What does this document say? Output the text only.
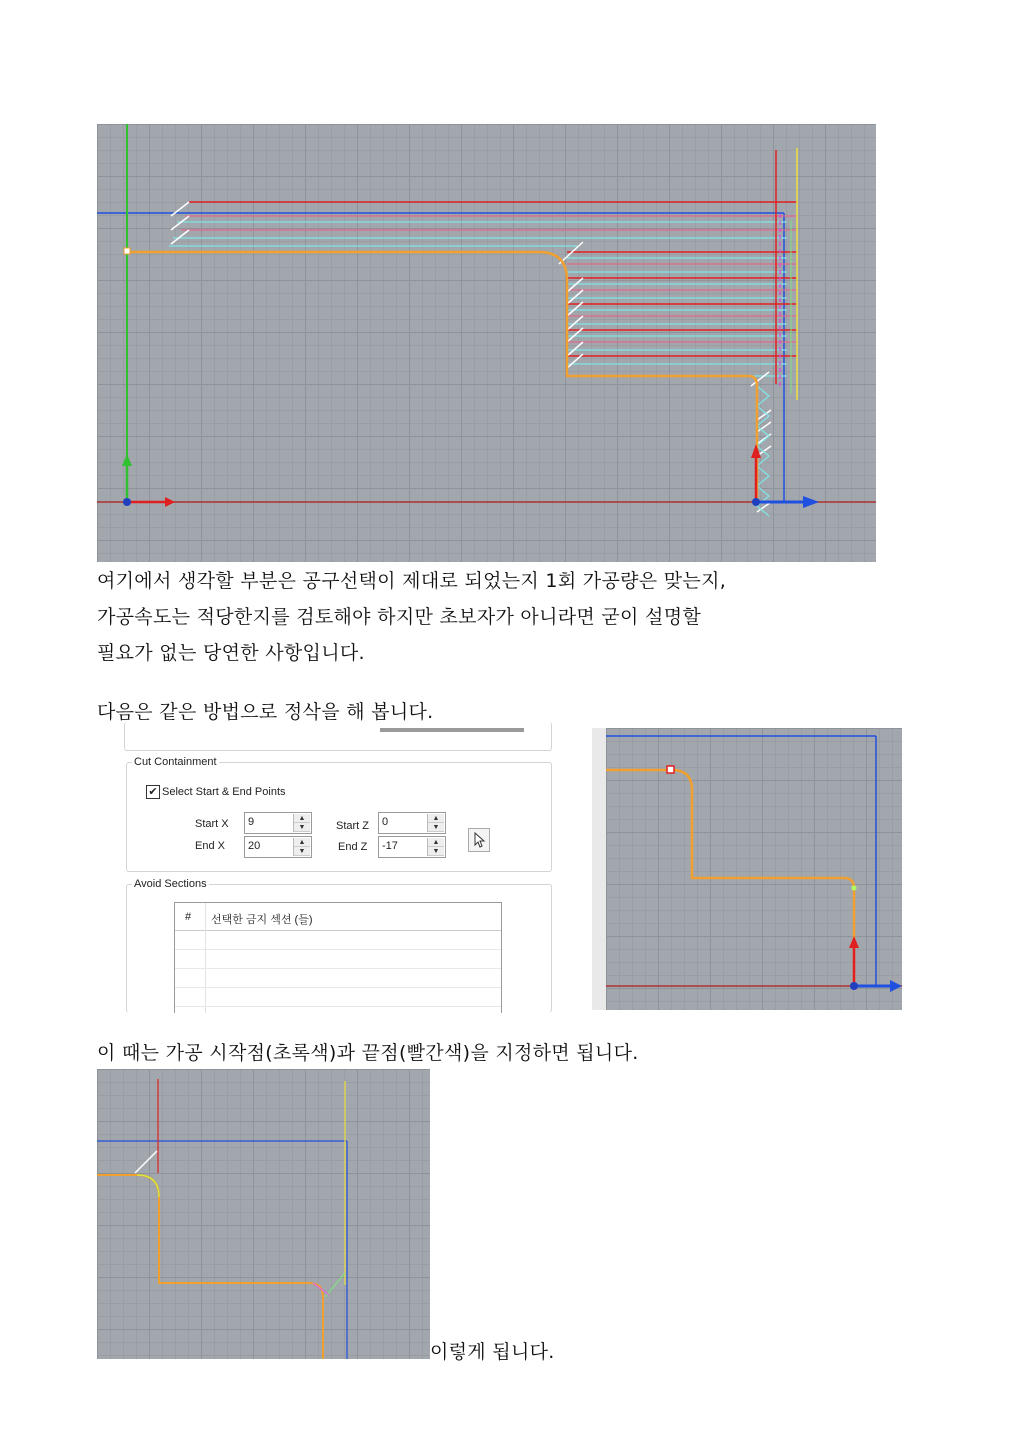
여기에서 생각할 부분은 공구선택이 제대로 되었는지 1회 가공량은 맞는지,
가공속도는 적당한지를 검토해야 하지만 초보자가 아니라면 굳이 설명할
필요가 없는 당연한 사항입니다.
다음은 같은 방법으로 정삭을 해 봅니다.
Cut Containment
✔ Select Start & End Points
Start X 9	▲
▼
End X 20	▲
▼
Start Z 0	▲
▼
End Z -17	▲
▼
Avoid Sections
# 선택한 금지 섹션 (들)
이 때는 가공 시작점(초록색)과 끝점(빨간색)을 지정하면 됩니다.
이렇게 됩니다.
